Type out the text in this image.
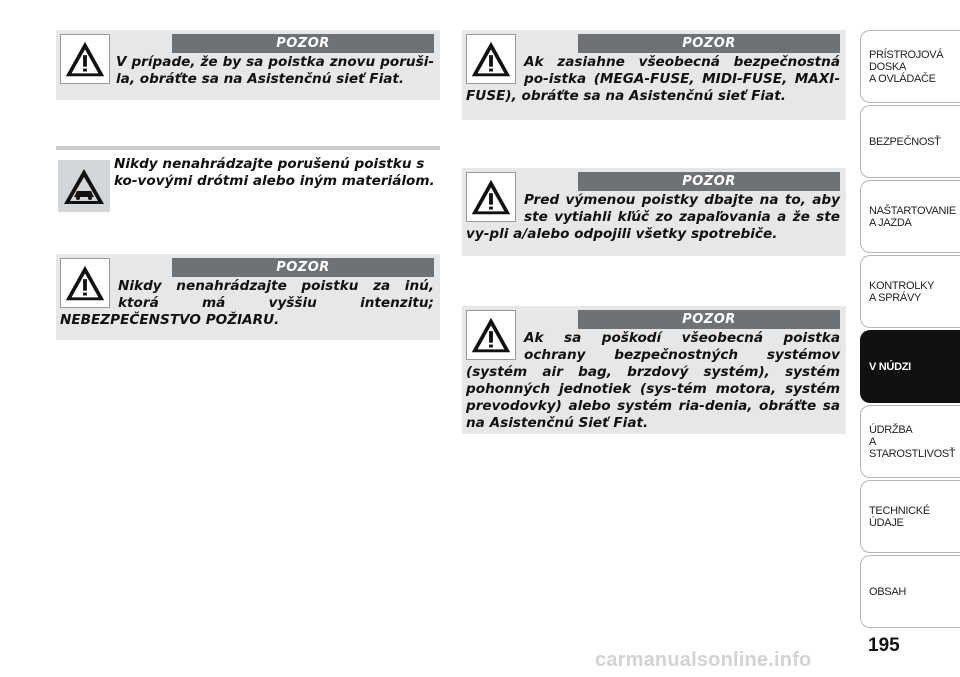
POZOR
V prípade, že by sa poistka znovu poruši-la, obráťte sa na Asistenčnú sieť Fiat.
Nikdy nenahrádzajte porušenú poistku s ko-vovými drótmi alebo iným materiálom.
POZOR
Nikdy nenahrádzajte poistku za inú, ktorá má vyššiu intenzitu; NEBEZPEČENSTVO POŽIARU.
POZOR
Ak zasiahne všeobecná bezpečnostná po-istka (MEGA-FUSE, MIDI-FUSE, MAXI-FUSE), obráťte sa na Asistenčnú sieť Fiat.
POZOR
Pred výmenou poistky dbajte na to, aby ste vytiahli kľúč zo zapaľovania a že ste vy-pli a/alebo odpojili všetky spotrebiče.
POZOR
Ak sa poškodí všeobecná poistka ochrany bezpečnostných systémov (systém air bag, brzdový systém), systém pohonných jednotiek (sys-tém motora, systém prevodovky) alebo systém ria-denia, obráťte sa na Asistenčnú Sieť Fiat.
PRÍSTROJOVÁ
DOSKA
A OVLÁDAČE
BEZPEČNOSŤ
NAŠTARTOVANIE
A JAZDA
KONTROLKY
A SPRÁVY
V NÚDZI
ÚDRŽBA
A STAROSTLIVOSŤ
TECHNICKÉ ÚDAJE
OBSAH
195
carmanualsonline.info
